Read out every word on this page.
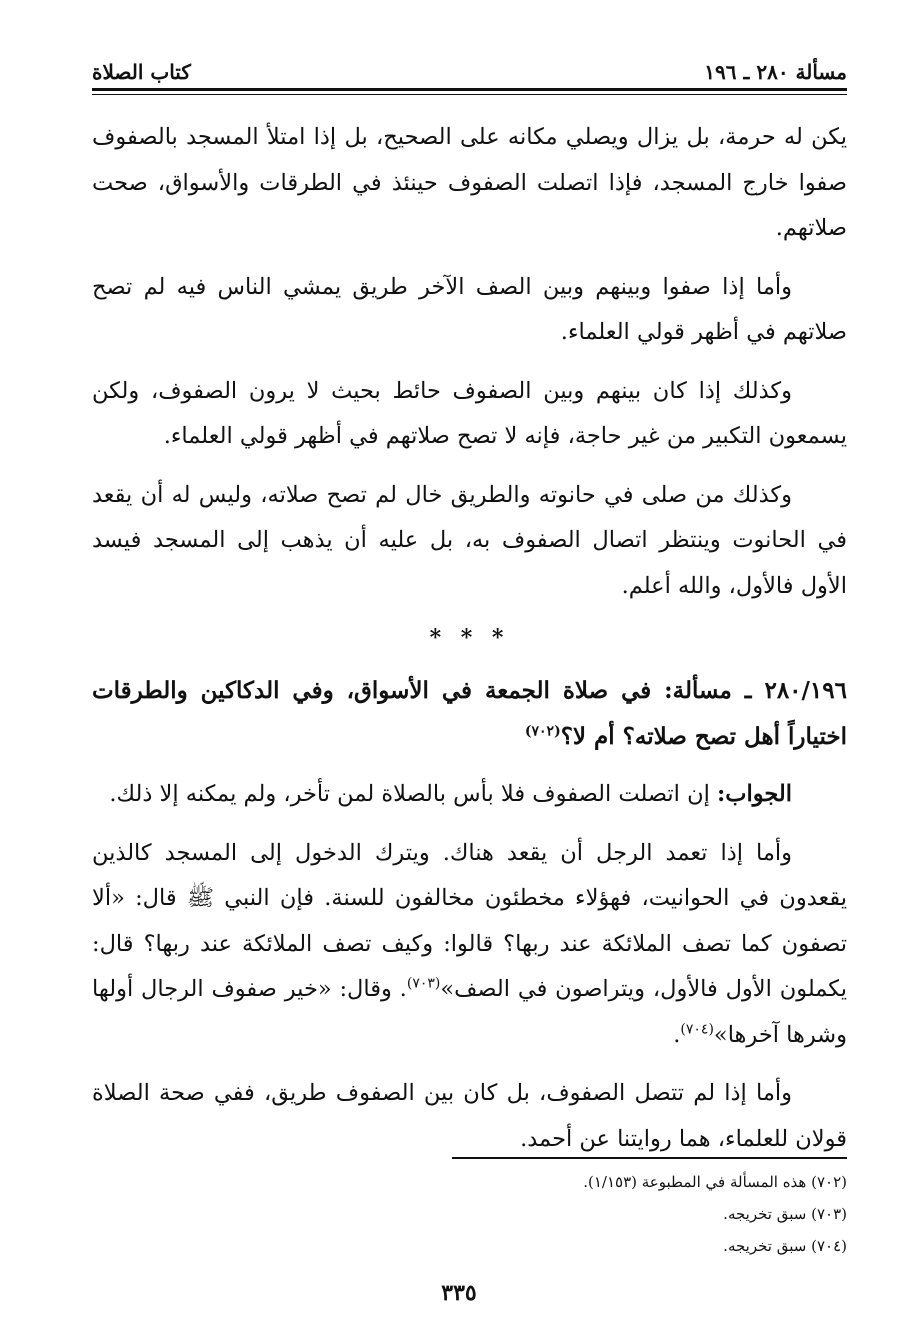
مسألة ٢٨٠ ـ ١٩٦
كتاب الصلاة

يكن له حرمة، بل يزال ويصلي مكانه على الصحيح، بل إذا امتلأ المسجد بالصفوف صفوا خارج المسجد، فإذا اتصلت الصفوف حينئذ في الطرقات والأسواق، صحت صلاتهم.

وأما إذا صفوا وبينهم وبين الصف الآخر طريق يمشي الناس فيه لم تصح صلاتهم في أظهر قولي العلماء.

وكذلك إذا كان بينهم وبين الصفوف حائط بحيث لا يرون الصفوف، ولكن يسمعون التكبير من غير حاجة، فإنه لا تصح صلاتهم في أظهر قولي العلماء.

وكذلك من صلى في حانوته والطريق خال لم تصح صلاته، وليس له أن يقعد في الحانوت وينتظر اتصال الصفوف به، بل عليه أن يذهب إلى المسجد فيسد الأول فالأول، والله أعلم.

* * *

٢٨٠/١٩٦ ـ مسألة: في صلاة الجمعة في الأسواق، وفي الدكاكين والطرقات اختياراً أهل تصح صلاته؟ أم لا؟$^{(٧٠٢)}$

الجواب: إن اتصلت الصفوف فلا بأس بالصلاة لمن تأخر، ولم يمكنه إلا ذلك.

وأما إذا تعمد الرجل أن يقعد هناك. ويترك الدخول إلى المسجد كالذين يقعدون في الحوانيت، فهؤلاء مخطئون مخالفون للسنة. فإن النبي ﷺ قال: «ألا تصفون كما تصف الملائكة عند ربها؟ قالوا: وكيف تصف الملائكة عند ربها؟ قال: يكملون الأول فالأول، ويتراصون في الصف»$^{(٧٠٣)}$. وقال: «خير صفوف الرجال أولها وشرها آخرها»$^{(٧٠٤)}$.

وأما إذا لم تتصل الصفوف، بل كان بين الصفوف طريق، ففي صحة الصلاة قولان للعلماء، هما روايتنا عن أحمد.

(٧٠٢) هذه المسألة في المطبوعة (١/١٥٣).
(٧٠٣) سبق تخريجه.
(٧٠٤) سبق تخريجه.
٣٣٥
